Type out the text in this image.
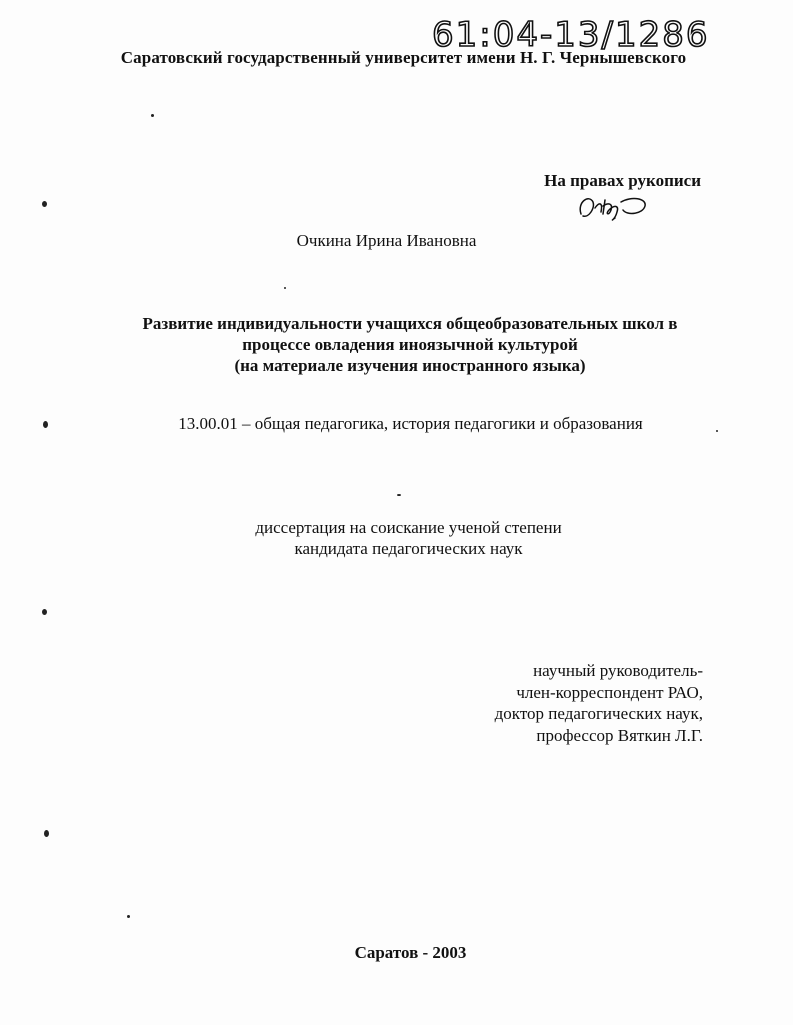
61:04-13/1286
Саратовский государственный университет имени Н. Г. Чернышевского
На правах рукописи
Очкина Ирина Ивановна
Развитие индивидуальности учащихся общеобразовательных школ в
процессе овладения иноязычной культурой
(на материале изучения иностранного языка)
13.00.01 – общая педагогика, история педагогики и образования
диссертация на соискание ученой степени
кандидата педагогических наук
научный руководитель-
член-корреспондент РАО,
доктор педагогических наук,
профессор Вяткин Л.Г.
Саратов - 2003
